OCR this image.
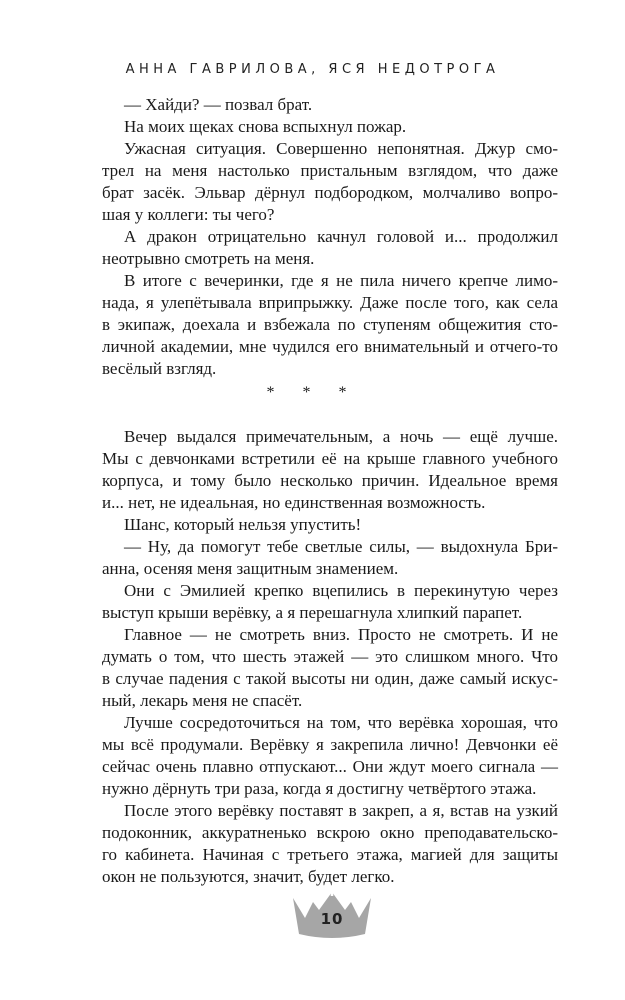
АННА ГАВРИЛОВА, ЯСЯ НЕДОТРОГА
— Хайди? — позвал брат.
На моих щеках снова вспыхнул пожар.
Ужасная ситуация. Совершенно непонятная. Джур смо-
трел на меня настолько пристальным взглядом, что даже
брат засёк. Эльвар дёрнул подбородком, молчаливо вопро-
шая у коллеги: ты чего?
А дракон отрицательно качнул головой и... продолжил
неотрывно смотреть на меня.
В итоге с вечеринки, где я не пила ничего крепче лимо-
нада, я улепётывала вприпрыжку. Даже после того, как села
в экипаж, доехала и взбежала по ступеням общежития сто-
личной академии, мне чудился его внимательный и отчего-то
весёлый взгляд.
* * *
Вечер выдался примечательным, а ночь — ещё лучше.
Мы с девчонками встретили её на крыше главного учебного
корпуса, и тому было несколько причин. Идеальное время
и... нет, не идеальная, но единственная возможность.
Шанс, который нельзя упустить!
— Ну, да помогут тебе светлые силы, — выдохнула Бри-
анна, осеняя меня защитным знамением.
Они с Эмилией крепко вцепились в перекинутую через
выступ крыши верёвку, а я перешагнула хлипкий парапет.
Главное — не смотреть вниз. Просто не смотреть. И не
думать о том, что шесть этажей — это слишком много. Что
в случае падения с такой высоты ни один, даже самый искус-
ный, лекарь меня не спасёт.
Лучше сосредоточиться на том, что верёвка хорошая, что
мы всё продумали. Верёвку я закрепила лично! Девчонки её
сейчас очень плавно отпускают... Они ждут моего сигнала —
нужно дёрнуть три раза, когда я достигну четвёртого этажа.
После этого верёвку поставят в закреп, а я, встав на узкий
подоконник, аккуратненько вскрою окно преподавательско-
го кабинета. Начиная с третьего этажа, магией для защиты
окон не пользуются, значит, будет легко.
10
